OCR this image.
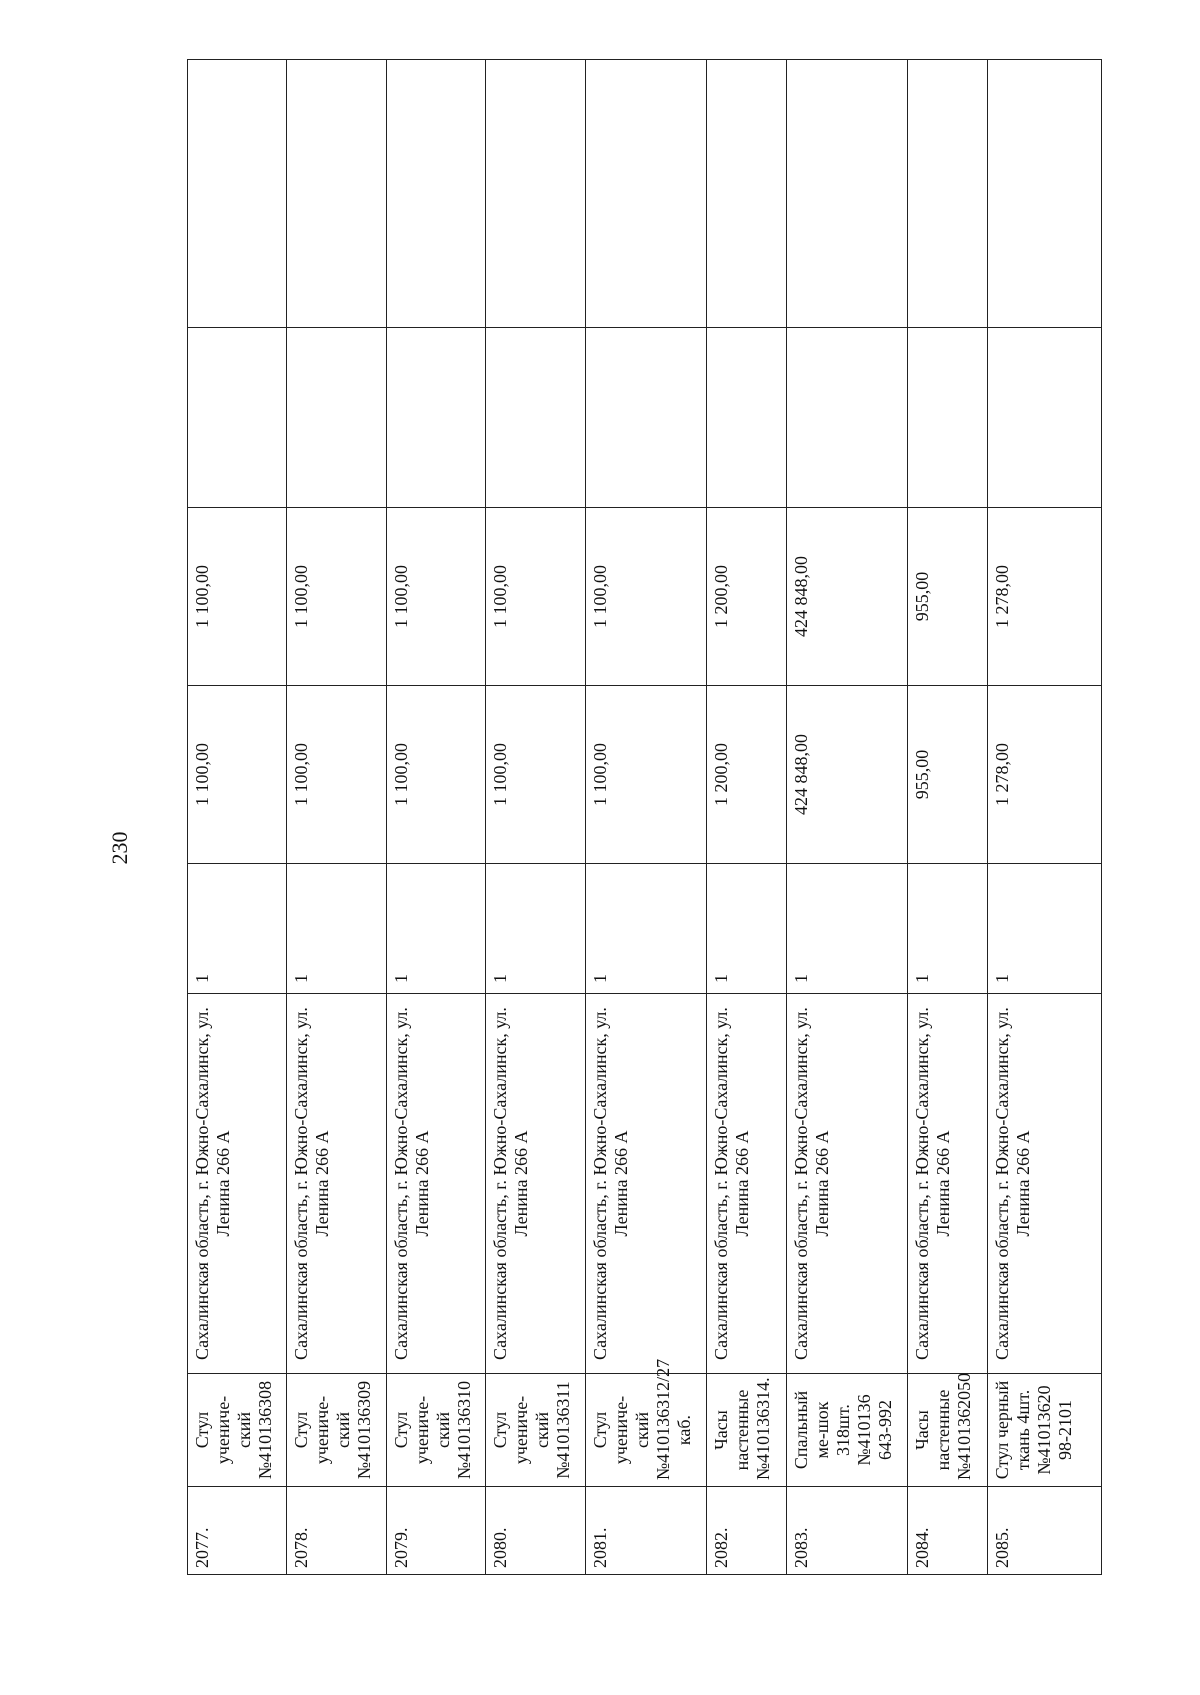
230
2077.	Стул учениче-ский №410136308	Сахалинская область, г. Южно-Сахалинск, ул. Ленина 266 А	1	1 100,00	1 100,00		
2078.	Стул учениче-ский №410136309	Сахалинская область, г. Южно-Сахалинск, ул. Ленина 266 А	1	1 100,00	1 100,00		
2079.	Стул учениче-ский №410136310	Сахалинская область, г. Южно-Сахалинск, ул. Ленина 266 А	1	1 100,00	1 100,00		
2080.	Стул учениче-ский №410136311	Сахалинская область, г. Южно-Сахалинск, ул. Ленина 266 А	1	1 100,00	1 100,00		
2081.	Стул учениче-ский №410136312/27 каб.	Сахалинская область, г. Южно-Сахалинск, ул. Ленина 266 А	1	1 100,00	1 100,00		
2082.	Часы настенные №410136314.	Сахалинская область, г. Южно-Сахалинск, ул. Ленина 266 А	1	1 200,00	1 200,00		
2083.	Спальный ме-шок 318шт.№410136 643-992	Сахалинская область, г. Южно-Сахалинск, ул. Ленина 266 А	1	424 848,00	424 848,00		
2084.	Часы настенные №4101362050	Сахалинская область, г. Южно-Сахалинск, ул. Ленина 266 А	1	955,00	955,00		
2085.	Стул черный ткань 4шт.№41013620 98-2101	Сахалинская область, г. Южно-Сахалинск, ул. Ленина 266 А	1	1 278,00	1 278,00		
